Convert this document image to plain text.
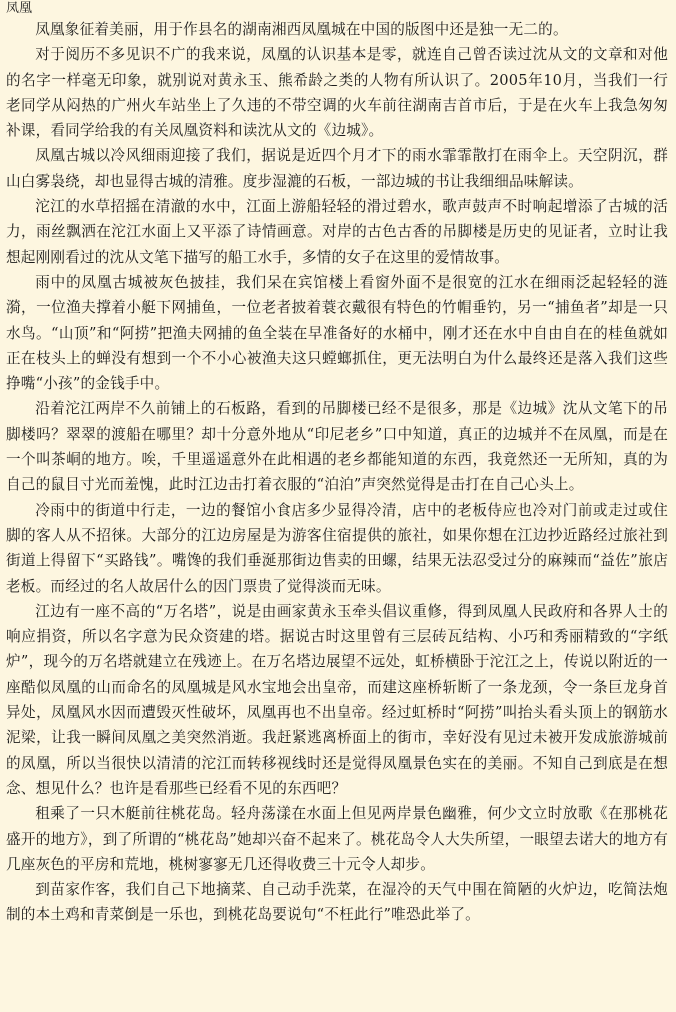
凤凰

凤凰象征着美丽，用于作县名的湖南湘西凤凰城在中国的版图中还是独一无二的。

对于阅历不多见识不广的我来说，凤凰的认识基本是零，就连自己曾否读过沈从文的文章和对他的名字一样毫无印象，就别说对黄永玉、熊希龄之类的人物有所认识了。2005年10月，当我们一行老同学从闷热的广州火车站坐上了久违的不带空调的火车前往湖南吉首市后，于是在火车上我急匆匆补课，看同学给我的有关凤凰资料和读沈从文的《边城》。

凤凰古城以冷风细雨迎接了我们，据说是近四个月才下的雨水霏霏散打在雨伞上。天空阴沉，群山白雾袅绕，却也显得古城的清雅。度步湿漉的石板，一部边城的书让我细细品味解读。

沱江的水草招摇在清澈的水中，江面上游船轻轻的滑过碧水，歌声鼓声不时响起增添了古城的活力，雨丝飘洒在沱江水面上又平添了诗情画意。对岸的古色古香的吊脚楼是历史的见证者，立时让我想起刚刚看过的沈从文笔下描写的船工水手，多情的女子在这里的爱情故事。

雨中的凤凰古城被灰色披挂，我们呆在宾馆楼上看窗外面不是很宽的江水在细雨泛起轻轻的涟漪，一位渔夫撑着小艇下网捕鱼，一位老者披着蓑衣戴很有特色的竹帽垂钓，另一“捕鱼者”却是一只水鸟。“山顶”和“阿捞”把渔夫网捕的鱼全装在早准备好的水桶中，刚才还在水中自由自在的桂鱼就如正在枝头上的蝉没有想到一个不小心被渔夫这只螳螂抓住，更无法明白为什么最终还是落入我们这些挣嘴“小孩”的金钱手中。

沿着沱江两岸不久前铺上的石板路，看到的吊脚楼已经不是很多，那是《边城》沈从文笔下的吊脚楼吗？翠翠的渡船在哪里？却十分意外地从“印尼老乡”口中知道，真正的边城并不在凤凰，而是在一个叫茶峒的地方。唉，千里遥遥意外在此相遇的老乡都能知道的东西，我竟然还一无所知，真的为自己的鼠目寸光而羞愧，此时江边击打着衣服的“泊泊”声突然觉得是击打在自己心头上。

冷雨中的街道中行走，一边的餐馆小食店多少显得冷清，店中的老板侍应也冷对门前或走过或住脚的客人从不招徕。大部分的江边房屋是为游客住宿提供的旅社，如果你想在江边抄近路经过旅社到街道上得留下“买路钱”。嘴馋的我们垂涎那街边售卖的田螺，结果无法忍受过分的麻辣而“益佐”旅店老板。而经过的名人故居什么的因门票贵了觉得淡而无味。

江边有一座不高的“万名塔”，说是由画家黄永玉牵头倡议重修，得到凤凰人民政府和各界人士的响应捐资，所以名字意为民众资建的塔。据说古时这里曾有三层砖瓦结构、小巧和秀丽精致的“字纸炉”，现今的万名塔就建立在残迹上。在万名塔边展望不远处，虹桥横卧于沱江之上，传说以附近的一座酷似凤凰的山而命名的凤凰城是风水宝地会出皇帝，而建这座桥斩断了一条龙颈，令一条巨龙身首异处，凤凰风水因而遭毁灭性破坏，凤凰再也不出皇帝。经过虹桥时“阿捞”叫抬头看头顶上的钢筋水泥梁，让我一瞬间凤凰之美突然消逝。我赶紧逃离桥面上的街市，幸好没有见过未被开发成旅游城前的凤凰，所以当很快以清清的沱江而转移视线时还是觉得凤凰景色实在的美丽。不知自己到底是在想念、想见什么？也许是看那些已经看不见的东西吧？

租乘了一只木艇前往桃花岛。轻舟荡漾在水面上但见两岸景色幽雅，何少文立时放歌《在那桃花盛开的地方》，到了所谓的“桃花岛”她却兴奋不起来了。桃花岛令人大失所望，一眼望去诺大的地方有几座灰色的平房和荒地，桃树寥寥无几还得收费三十元令人却步。

到苗家作客，我们自己下地摘菜、自己动手洗菜，在湿冷的天气中围在简陋的火炉边，吃简法炮制的本土鸡和青菜倒是一乐也，到桃花岛要说句“不枉此行”唯恐此举了。
